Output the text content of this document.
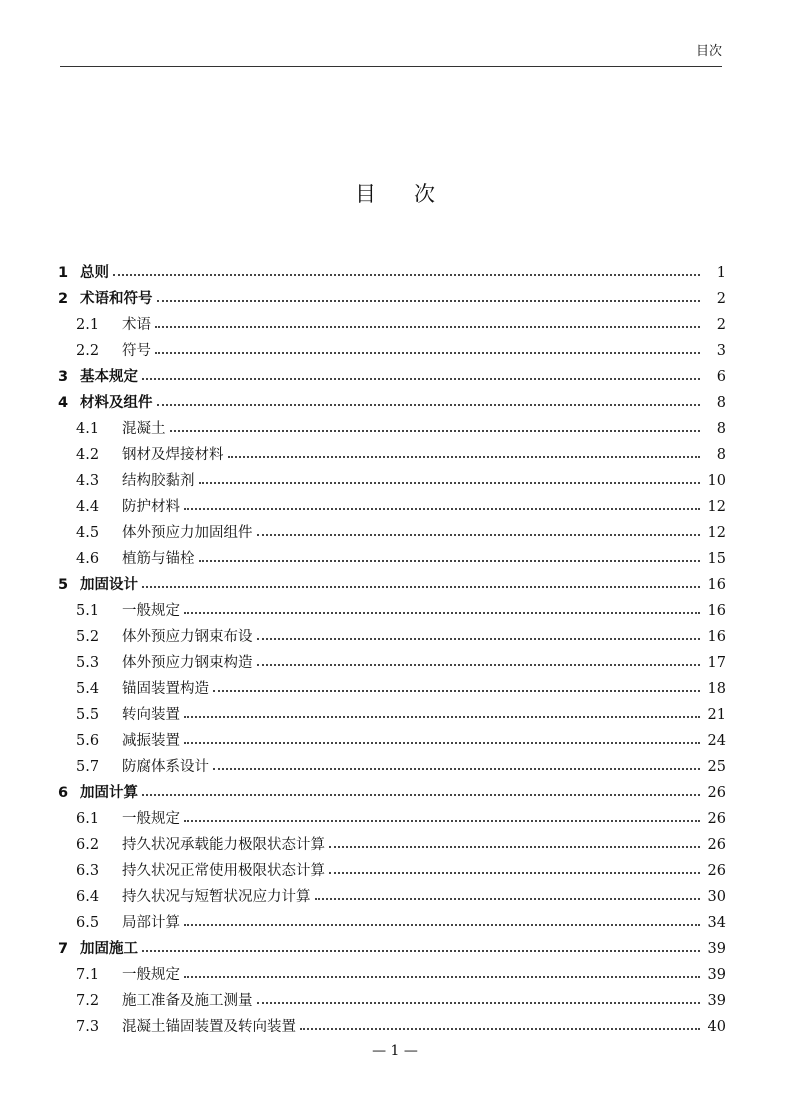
目次
目次
1 总则	1
2 术语和符号	2
2.1	术语	2
2.2	符号	3
3 基本规定	6
4 材料及组件	8
4.1	混凝土	8
4.2	钢材及焊接材料	8
4.3	结构胶黏剂	10
4.4	防护材料	12
4.5	体外预应力加固组件	12
4.6	植筋与锚栓	15
5 加固设计	16
5.1	一般规定	16
5.2	体外预应力钢束布设	16
5.3	体外预应力钢束构造	17
5.4	锚固装置构造	18
5.5	转向装置	21
5.6	减振装置	24
5.7	防腐体系设计	25
6 加固计算	26
6.1	一般规定	26
6.2	持久状况承载能力极限状态计算	26
6.3	持久状况正常使用极限状态计算	26
6.4	持久状况与短暂状况应力计算	30
6.5	局部计算	34
7 加固施工	39
7.1	一般规定	39
7.2	施工准备及施工测量	39
7.3	混凝土锚固装置及转向装置	40
— 1 —
